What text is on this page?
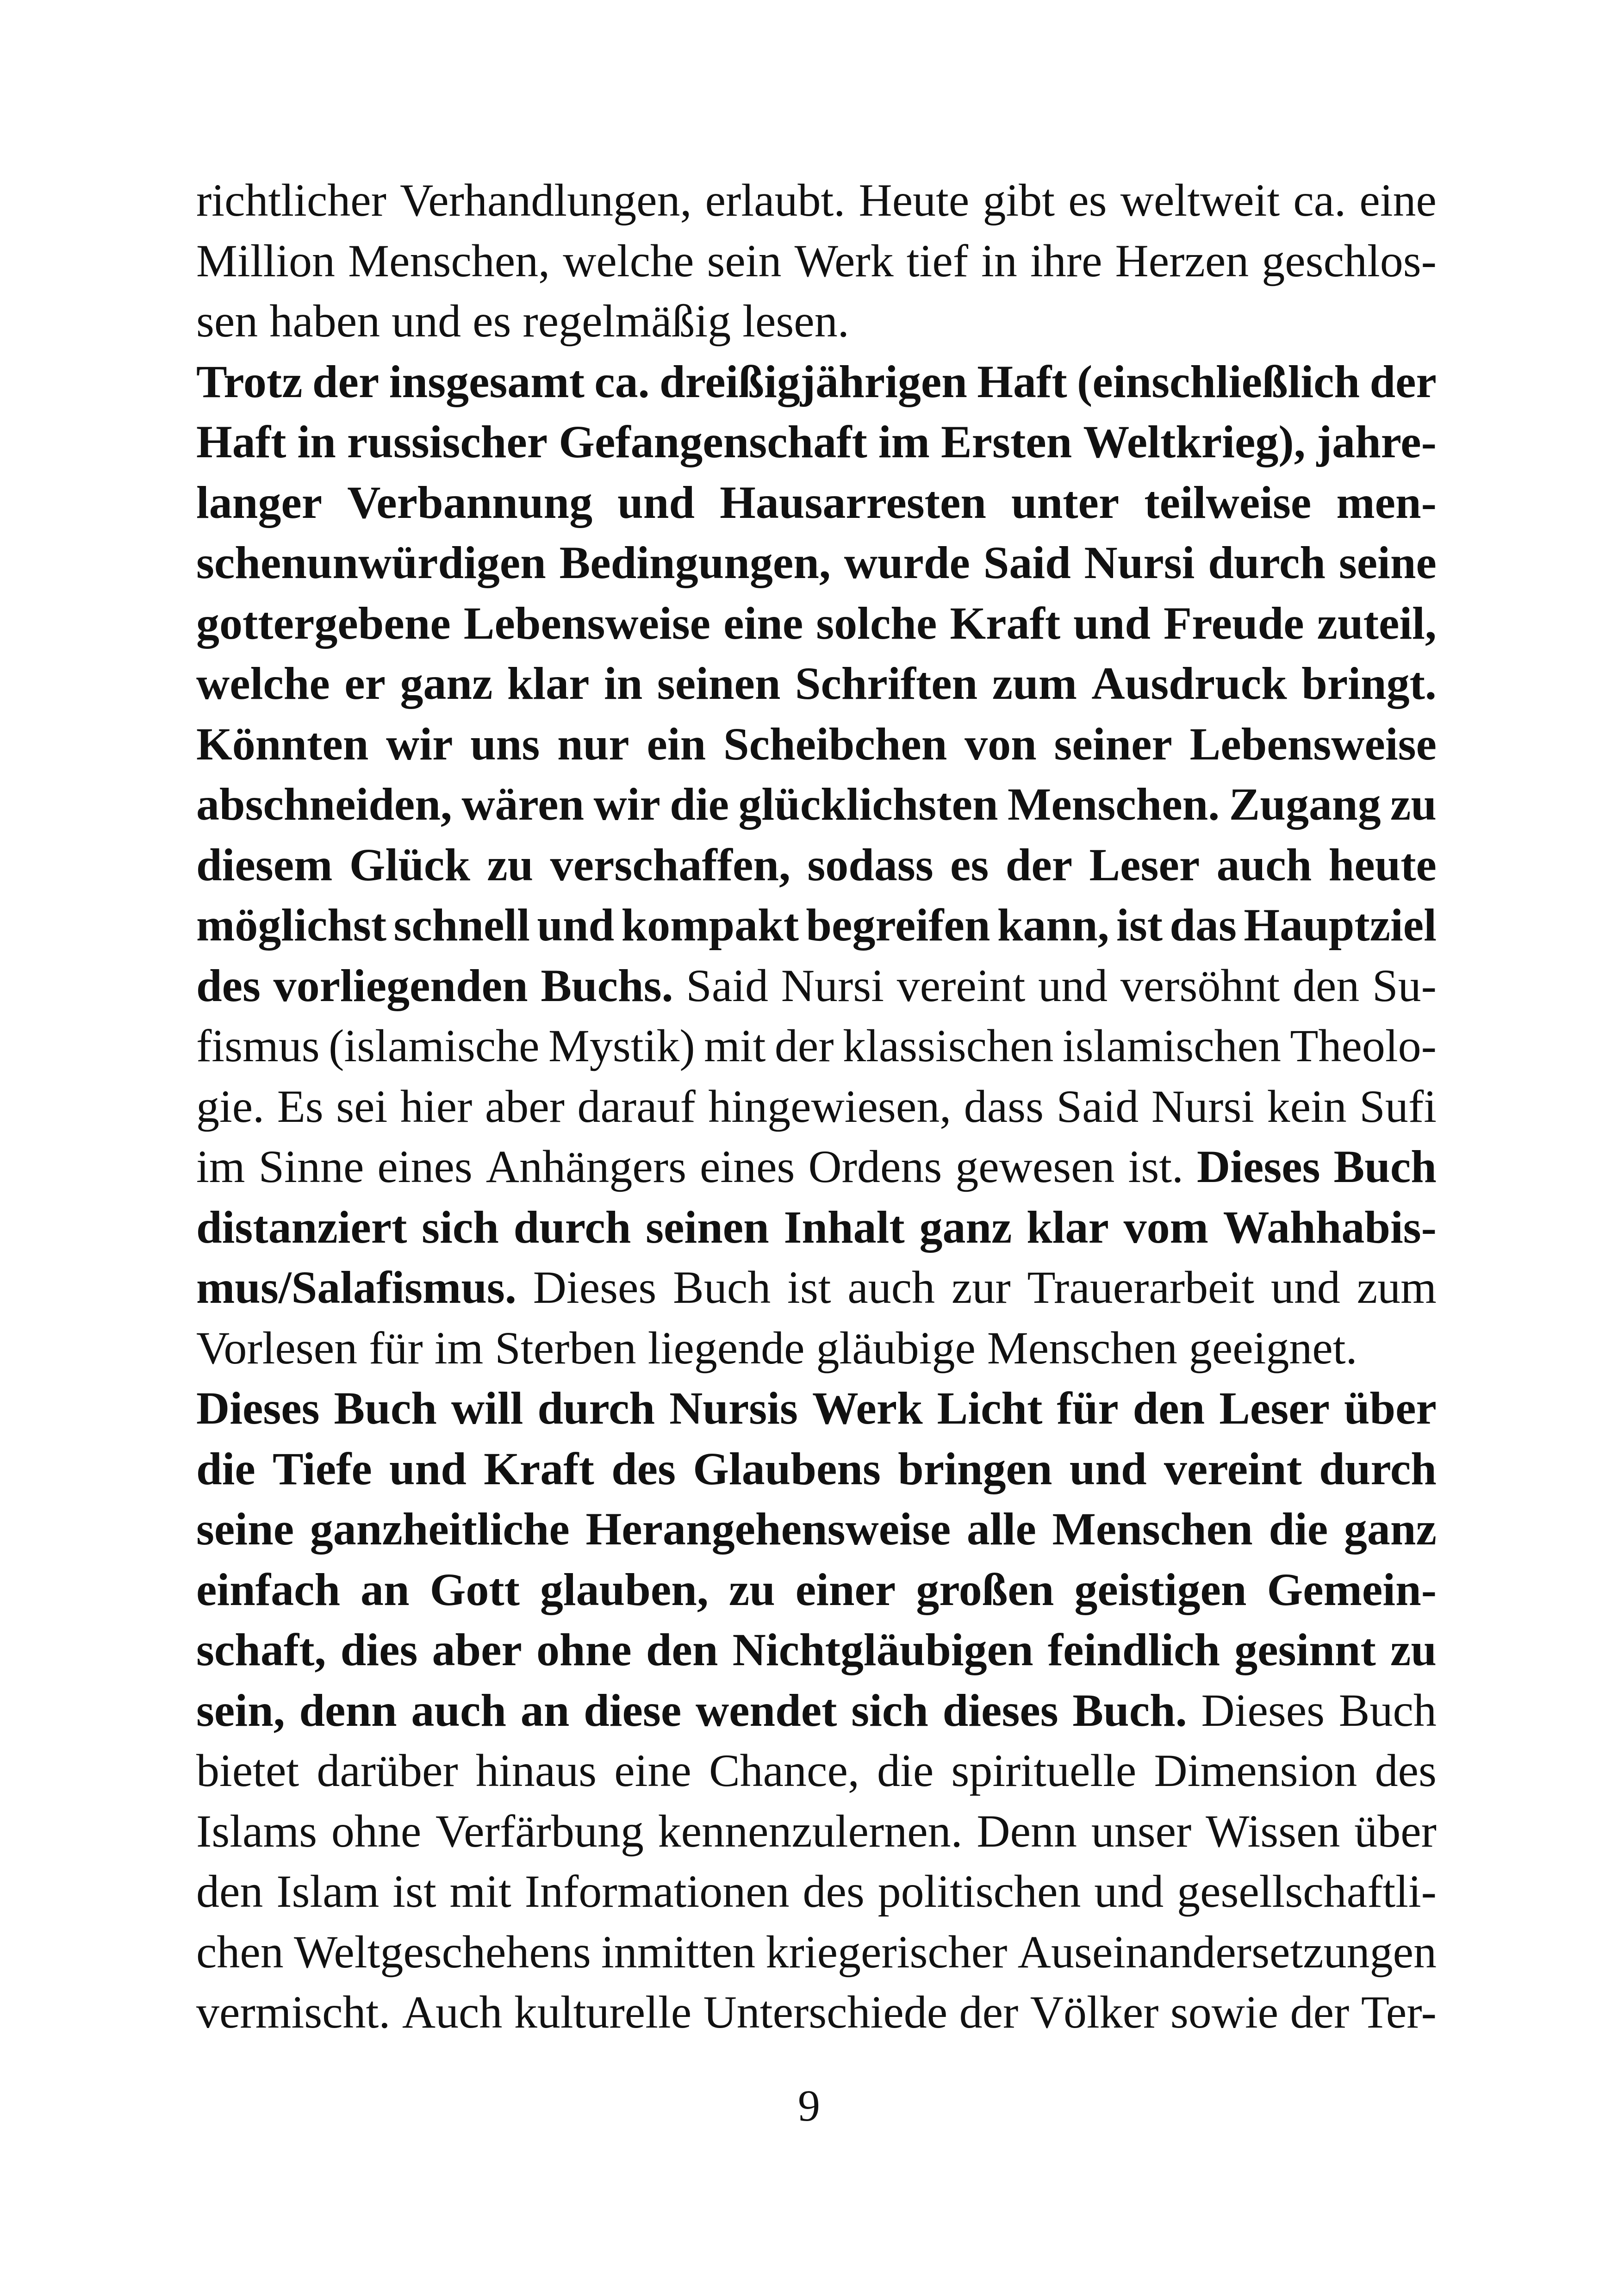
richtlicher Verhandlungen, erlaubt. Heute gibt es weltweit ca. eine
Million Menschen, welche sein Werk tief in ihre Herzen geschlos-
sen haben und es regelmäßig lesen.
Trotz der insgesamt ca. dreißigjährigen Haft (einschließlich der
Haft in russischer Gefangenschaft im Ersten Weltkrieg), jahre-
langer Verbannung und Hausarresten unter teilweise men-
schenunwürdigen Bedingungen, wurde Said Nursi durch seine
gottergebene Lebensweise eine solche Kraft und Freude zuteil,
welche er ganz klar in seinen Schriften zum Ausdruck bringt.
Könnten wir uns nur ein Scheibchen von seiner Lebensweise
abschneiden, wären wir die glücklichsten Menschen. Zugang zu
diesem Glück zu verschaffen, sodass es der Leser auch heute
möglichst schnell und kompakt begreifen kann, ist das Hauptziel
des vorliegenden Buchs. Said Nursi vereint und versöhnt den Su-
fismus (islamische Mystik) mit der klassischen islamischen Theolo-
gie. Es sei hier aber darauf hingewiesen, dass Said Nursi kein Sufi
im Sinne eines Anhängers eines Ordens gewesen ist. Dieses Buch
distanziert sich durch seinen Inhalt ganz klar vom Wahhabis-
mus/Salafismus. Dieses Buch ist auch zur Trauerarbeit und zum
Vorlesen für im Sterben liegende gläubige Menschen geeignet.
Dieses Buch will durch Nursis Werk Licht für den Leser über
die Tiefe und Kraft des Glaubens bringen und vereint durch
seine ganzheitliche Herangehensweise alle Menschen die ganz
einfach an Gott glauben, zu einer großen geistigen Gemein-
schaft, dies aber ohne den Nichtgläubigen feindlich gesinnt zu
sein, denn auch an diese wendet sich dieses Buch. Dieses Buch
bietet darüber hinaus eine Chance, die spirituelle Dimension des
Islams ohne Verfärbung kennenzulernen. Denn unser Wissen über
den Islam ist mit Informationen des politischen und gesellschaftli-
chen Weltgeschehens inmitten kriegerischer Auseinandersetzungen
vermischt. Auch kulturelle Unterschiede der Völker sowie der Ter-
9
